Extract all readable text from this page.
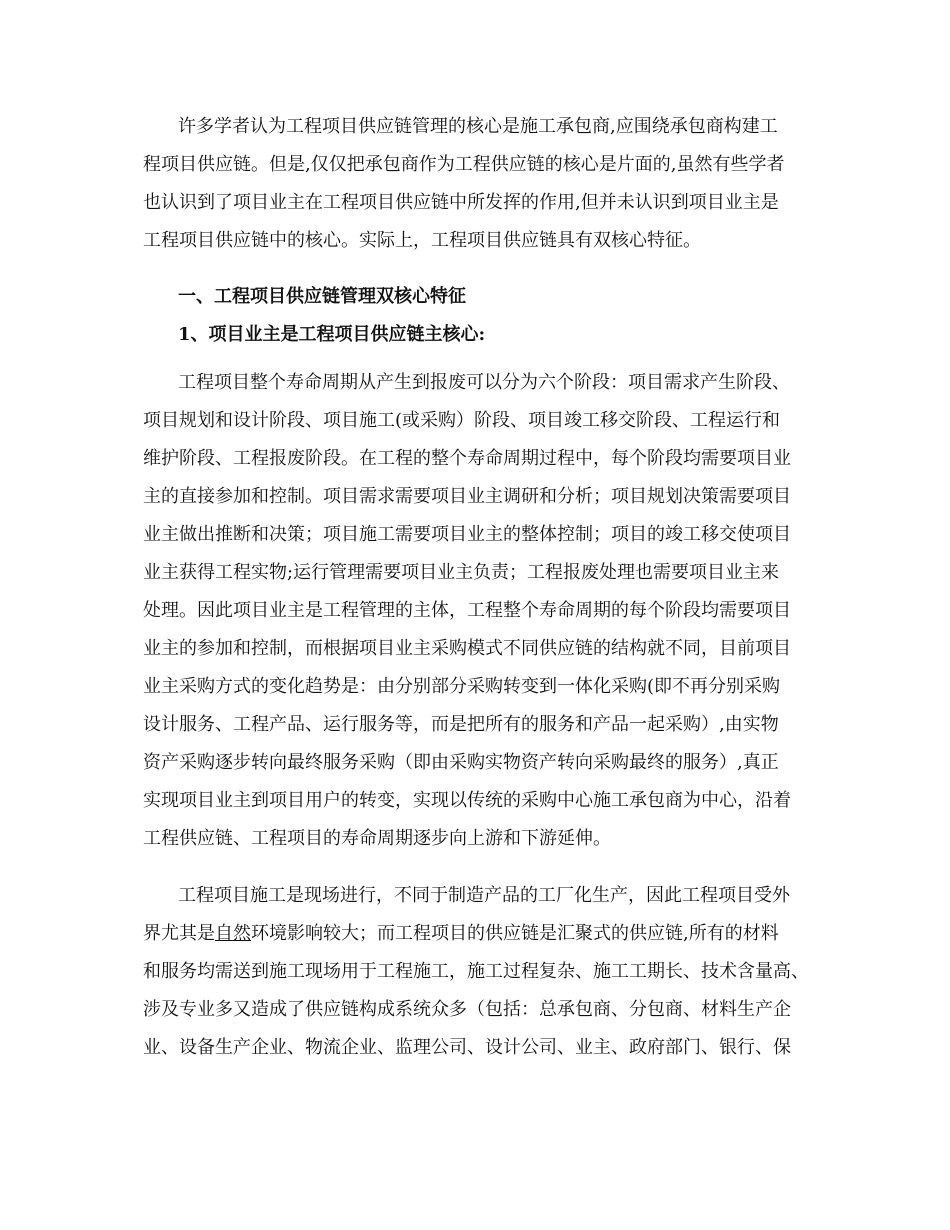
许多学者认为工程项目供应链管理的核心是施工承包商,应围绕承包商构建工
程项目供应链。但是,仅仅把承包商作为工程供应链的核心是片面的,虽然有些学者
也认识到了项目业主在工程项目供应链中所发挥的作用,但并未认识到项目业主是
工程项目供应链中的核心。实际上，工程项目供应链具有双核心特征。
一、工程项目供应链管理双核心特征
1、项目业主是工程项目供应链主核心:
工程项目整个寿命周期从产生到报废可以分为六个阶段：项目需求产生阶段、
项目规划和设计阶段、项目施工(或采购）阶段、项目竣工移交阶段、工程运行和
维护阶段、工程报废阶段。在工程的整个寿命周期过程中，每个阶段均需要项目业
主的直接参加和控制。项目需求需要项目业主调研和分析；项目规划决策需要项目
业主做出推断和决策；项目施工需要项目业主的整体控制；项目的竣工移交使项目
业主获得工程实物;运行管理需要项目业主负责；工程报废处理也需要项目业主来
处理。因此项目业主是工程管理的主体，工程整个寿命周期的每个阶段均需要项目
业主的参加和控制，而根据项目业主采购模式不同供应链的结构就不同，目前项目
业主采购方式的变化趋势是：由分别部分采购转变到一体化采购(即不再分别采购
设计服务、工程产品、运行服务等，而是把所有的服务和产品一起采购）,由实物
资产采购逐步转向最终服务采购（即由采购实物资产转向采购最终的服务）,真正
实现项目业主到项目用户的转变，实现以传统的采购中心施工承包商为中心，沿着
工程供应链、工程项目的寿命周期逐步向上游和下游延伸。
工程项目施工是现场进行，不同于制造产品的工厂化生产，因此工程项目受外
界尤其是自然环境影响较大；而工程项目的供应链是汇聚式的供应链,所有的材料
和服务均需送到施工现场用于工程施工，施工过程复杂、施工工期长、技术含量高、
涉及专业多又造成了供应链构成系统众多（包括：总承包商、分包商、材料生产企
业、设备生产企业、物流企业、监理公司、设计公司、业主、政府部门、银行、保
